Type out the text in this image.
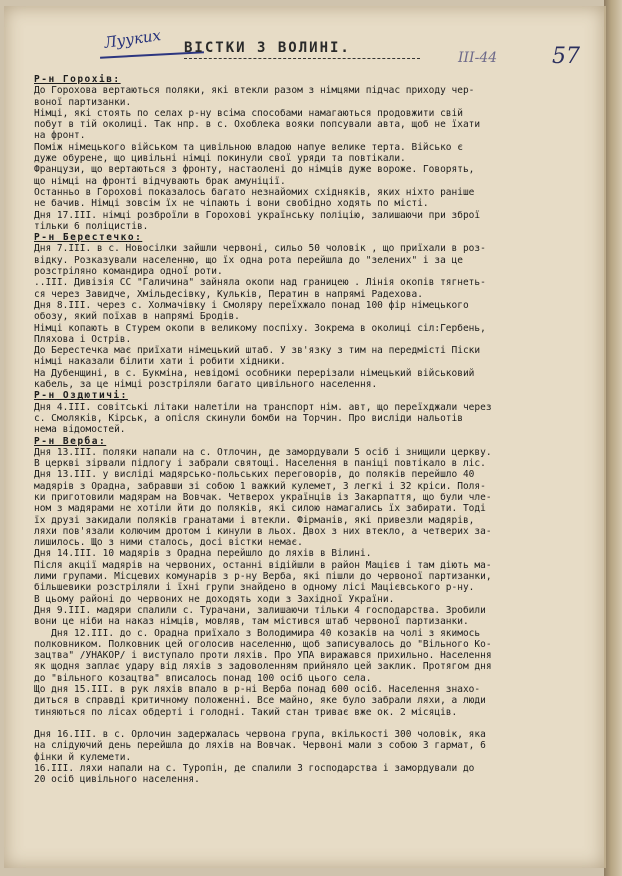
Лууких ВІСТКИ З ВОЛИНІ.
III-44 57
Р-н Горохів:
До Горохова вертаються поляки, які втекли разом з німцями підчас приходу чер-
воної партизанки.
Німці, які стоять по селах р-ну всіма способами намагаються продовжити свій
побут в тій околиці. Так нпр. в с. Охоблека вояки попсували авта, щоб не їхати
на фронт.
Поміж німецького військом та цивільною владою напуе велике терта. Військо є
дуже обурене, що цивільні німці покинули свої уряди та повтікали.
Французи, що вертаються з фронту, настаолені до німців дуже вороже. Говорять,
що німці на фронті відчувають брак амуніції.
Останньо в Горохові показалось багато незнайомих східняків, яких ніхто раніше
не бачив. Німці зовсім їх не чіпають і вони свобідно ходять по місті.
Дня 17.ІІІ. німці розброїли в Горохові українську поліцію, залишаючи при зброї
тільки 6 поліцистів.
Р-н Берестечко:
Дня 7.ІІІ. в с. Новосілки зайшли червоні, сильо 50 чоловік , що приїхали в роз-
відку. Розказували населенню, що їх одна рота перейшла до "зелених" і за це
розстріляно командира одної роти.
..ІІІ. Дивізія СС "Галичина" зайняла окопи над границею . Лінія окопів тягнеть-
ся через Завидче, Хмільдесівку, Кульків, Ператин в напрямі Радехова.
Дня 8.ІІІ. через с. Холмачівку і Смоляру переїхжало понад 100 фір німецького
обозу, який поїхав в напрямі Бродів.
Німці копають в Стурем окопи в великому поспіху. Зокрема в околиці сіл:Гербень,
Пляхова і Острів.
До Берестечка має приїхати німецький штаб. У зв'язку з тим на передмісті Піски
німці наказали білити хати і робити хідники.
На Дубенщині, в с. Букміна, невідомі особники перерізали німецький військовий
кабель, за це німці розстріляли багато цивільного населення.
Р-н Оздютичі:
Дня 4.ІІІ. совітські літаки налетіли на транспорт нім. авт, що переїхджали через
с. Смоляків, Кірськ, а опісля скинули бомби на Торчин. Про висліди нальотів
нема відомостей.
Р-н Верба:
Дня 13.ІІІ. поляки напали на с. Отлочин, де замордували 5 осіб і знищили церкву.
В церкві зірвали підлогу і забрали святощі. Населення в паніці повтікало в ліс.
Дня 13.ІІІ. у висліді мадярсько-польських переговорів, до поляків перейшло 40
мадярів з Орадна, забравши зі собою 1 важкий кулемет, 3 легкі і 32 кріси. Поля-
ки приготовили мадярам на Вовчак. Четверох українців із Закарпаття, що були чле-
ном з мадярами не хотіли йти до поляків, які силою намагались їх забирати. Тоді
їх друзі закидали поляків гранатами і втекли. Фірманів, які привезли мадярів,
ляхи пов'язали колючим дротом і кинули в льох. Двох з них втекло, а четверих за-
лишилось. Що з ними сталось, досі вістки немає.
Дня 14.ІІІ. 10 мадярів з Орадна перейшло до ляхів в Вілині.
Після акції мадярів на червоних, останні відійшли в район Мацієв і там діють ма-
лими групами. Місцевих комунарів з р-ну Верба, які пішли до червоної партизанки,
більшевики розстріляли і їхні групи знайдено в одному лісі Мацієвського р-ну.
В цьому районі до червоних не доходять ходи з Західної України.
Дня 9.ІІІ. мадяри спалили с. Турачани, залишаючи тільки 4 господарства. Зробили
вони це ніби на наказ німців, мовляв, там містився штаб червоної партизанки.
Дня 12.ІІІ. до с. Орадна приїхало з Володимира 40 козаків на чолі з якимось
полковником. Полковник цей оголосив населенню, щоб записувалось до "Вільного Ко-
зацтва" /УНАКОР/ і виступало проти ляхів. Про УПА виражався прихильно. Населення
як щодня заплає удару від ляхів з задоволенням прийняло цей заклик. Протягом дня
до "вільного козацтва" вписалось понад 100 осіб цього села.
Що дня 15.ІІІ. в рук ляхів впало в р-ні Верба понад 600 осіб. Населення знахо-
диться в справді критичному положенні. Все майно, яке було забрали ляхи, а люди
тиняються по лісах обдерті і голодні. Такий стан триває вже ок. 2 місяців.
Дня 16.ІІІ. в с. Орлочин задержалась червона група, вкількості 300 чоловік, яка
на слідуючий день перейшла до ляхів на Вовчак. Червоні мали з собою 3 гармат, 6
фінки й кулемети.
16.ІІІ. ляхи напали на с. Туропін, де спалили 3 господарства і замордували до
20 осіб цивільного населення.
